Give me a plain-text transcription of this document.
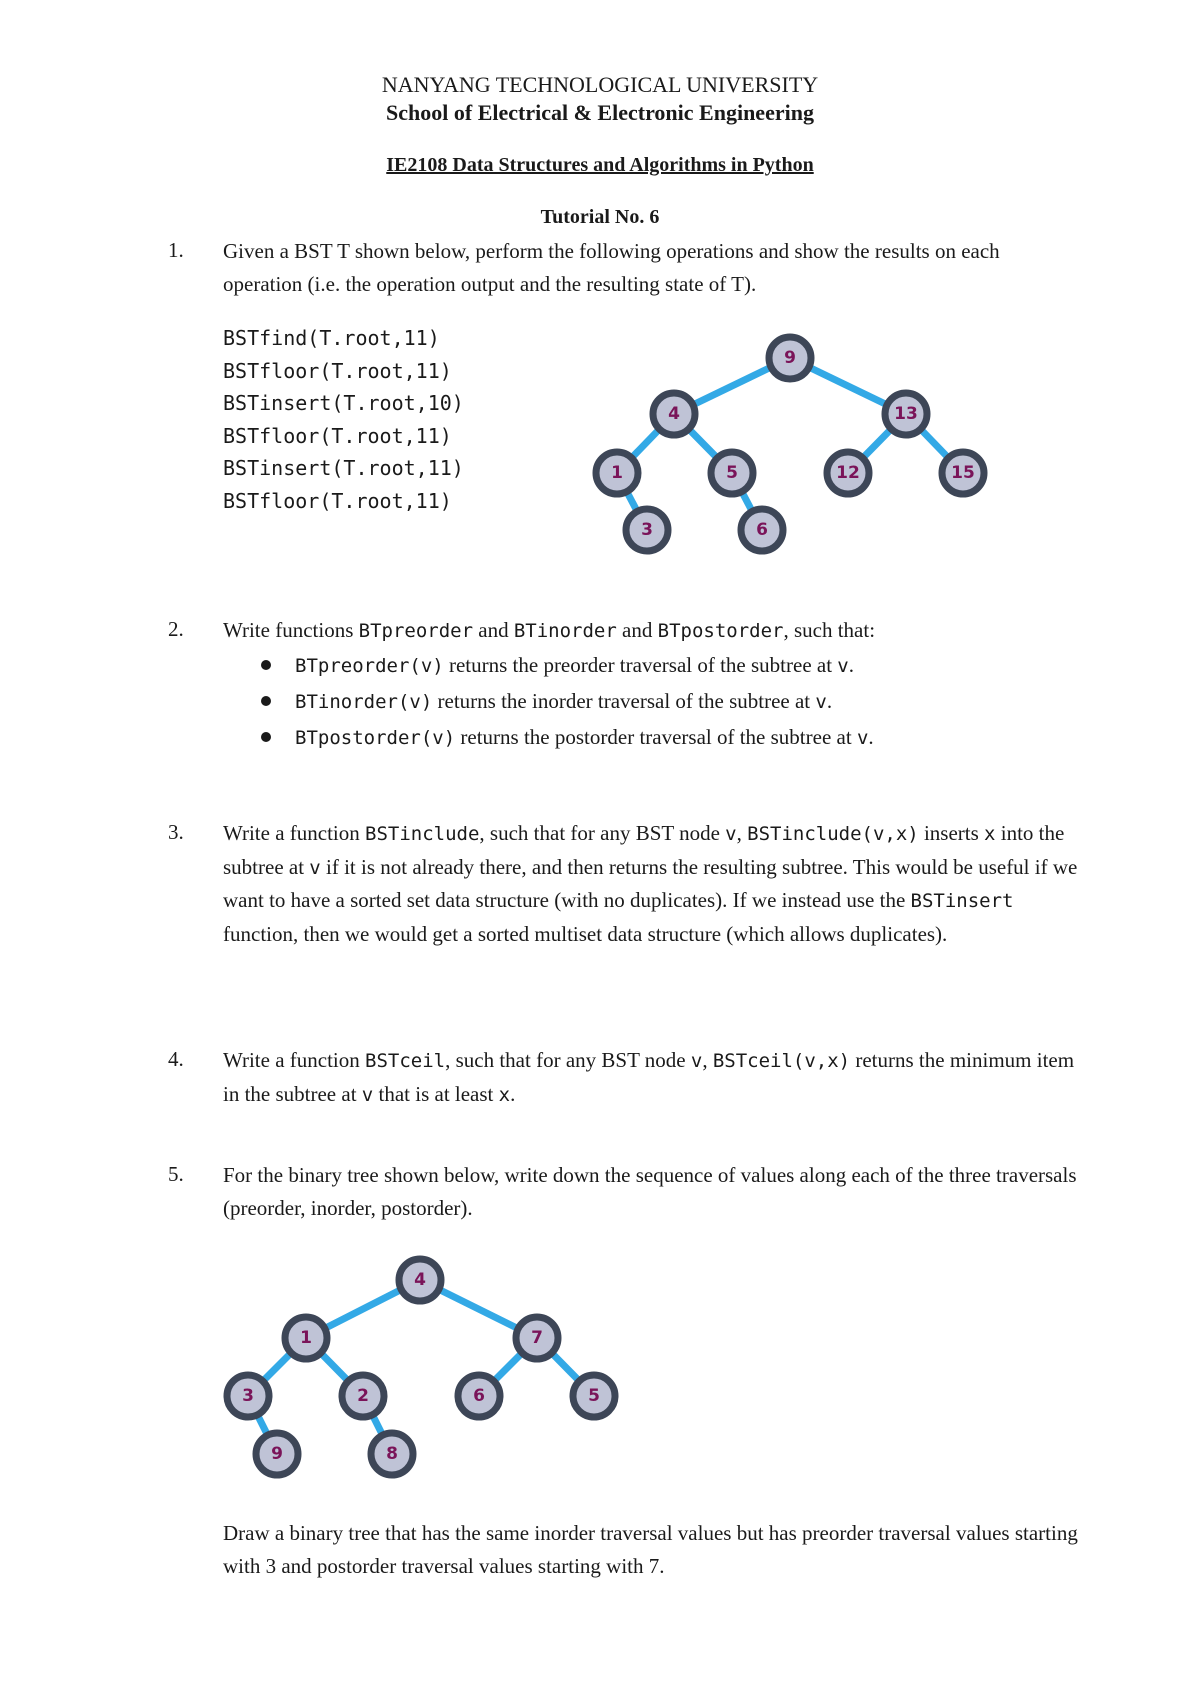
NANYANG TECHNOLOGICAL UNIVERSITY
School of Electrical & Electronic Engineering
IE2108 Data Structures and Algorithms in Python
Tutorial No. 6
1. Given a BST T shown below, perform the following operations and show the results on each operation (i.e. the operation output and the resulting state of T).
BSTfind(T.root,11)
BSTfloor(T.root,11)
BSTinsert(T.root,10)
BSTfloor(T.root,11)
BSTinsert(T.root,11)
BSTfloor(T.root,11)
9
4	13
1	5	12	15
3	6
4
1	7
3	2	6	5
9	8
2. Write functions BTpreorder and BTinorder and BTpostorder, such that:
BTpreorder(v) returns the preorder traversal of the subtree at v.
BTinorder(v) returns the inorder traversal of the subtree at v.
BTpostorder(v) returns the postorder traversal of the subtree at v.
3. Write a function BSTinclude, such that for any BST node v, BSTinclude(v,x) inserts x into the subtree at v if it is not already there, and then returns the resulting subtree. This would be useful if we want to have a sorted set data structure (with no duplicates). If we instead use the BSTinsert function, then we would get a sorted multiset data structure (which allows duplicates).
4. Write a function BSTceil, such that for any BST node v, BSTceil(v,x) returns the minimum item in the subtree at v that is at least x.
5. For the binary tree shown below, write down the sequence of values along each of the three traversals (preorder, inorder, postorder).
Draw a binary tree that has the same inorder traversal values but has preorder traversal values starting with 3 and postorder traversal values starting with 7.
